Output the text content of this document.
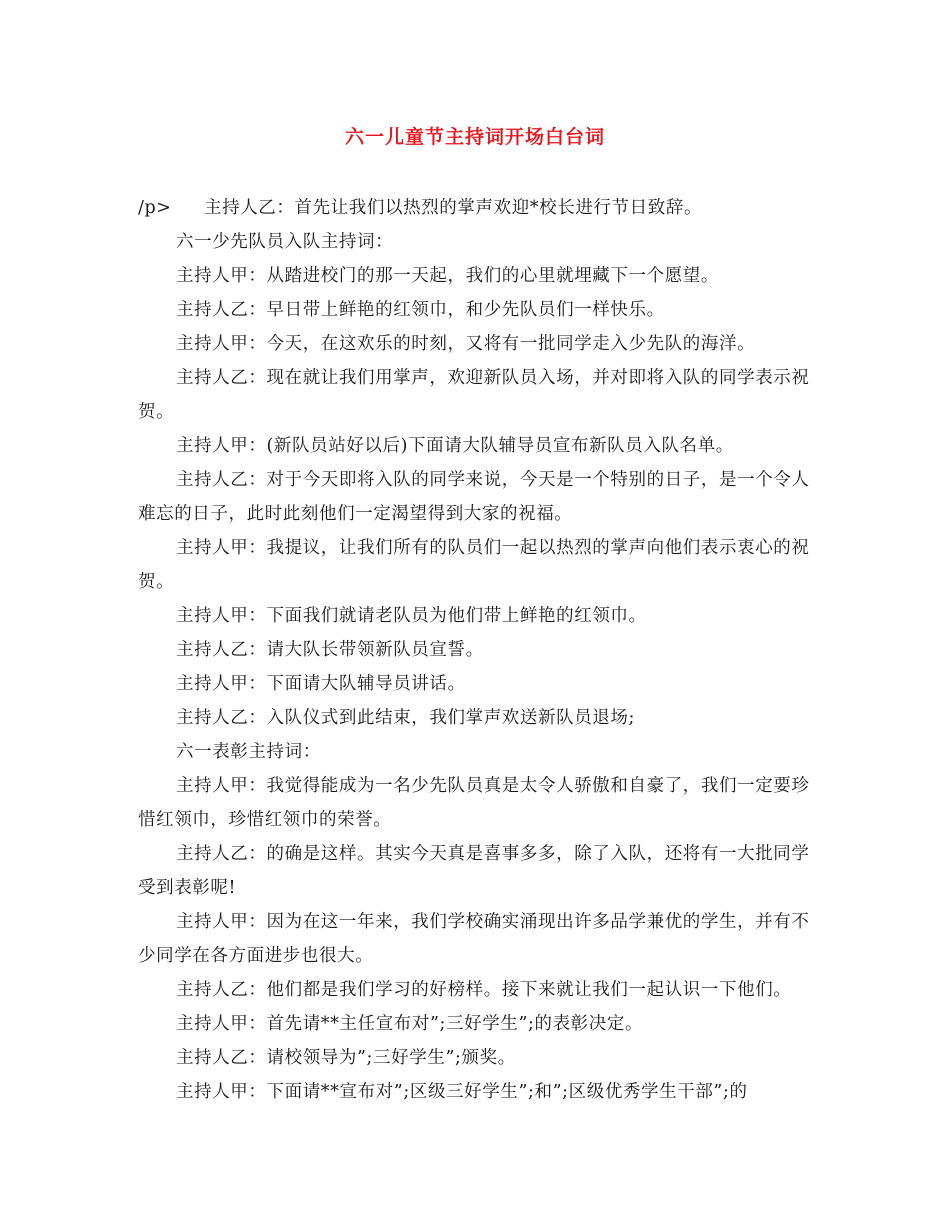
六一儿童节主持词开场白台词

/p> 主持人乙：首先让我们以热烈的掌声欢迎*校长进行节日致辞。

六一少先队员入队主持词：

主持人甲：从踏进校门的那一天起，我们的心里就埋藏下一个愿望。

主持人乙：早日带上鲜艳的红领巾，和少先队员们一样快乐。

主持人甲：今天，在这欢乐的时刻，又将有一批同学走入少先队的海洋。

主持人乙：现在就让我们用掌声，欢迎新队员入场，并对即将入队的同学表示祝贺。

主持人甲：(新队员站好以后)下面请大队辅导员宣布新队员入队名单。

主持人乙：对于今天即将入队的同学来说，今天是一个特别的日子，是一个令人难忘的日子，此时此刻他们一定渴望得到大家的祝福。

主持人甲：我提议，让我们所有的队员们一起以热烈的掌声向他们表示衷心的祝贺。

主持人甲：下面我们就请老队员为他们带上鲜艳的红领巾。

主持人乙：请大队长带领新队员宣誓。

主持人甲：下面请大队辅导员讲话。

主持人乙：入队仪式到此结束，我们掌声欢送新队员退场;

六一表彰主持词：

主持人甲：我觉得能成为一名少先队员真是太令人骄傲和自豪了，我们一定要珍惜红领巾，珍惜红领巾的荣誉。

主持人乙：的确是这样。其实今天真是喜事多多，除了入队，还将有一大批同学受到表彰呢!

主持人甲：因为在这一年来，我们学校确实涌现出许多品学兼优的学生，并有不少同学在各方面进步也很大。

主持人乙：他们都是我们学习的好榜样。接下来就让我们一起认识一下他们。

主持人甲：首先请**主任宣布对”;三好学生”;的表彰决定。

主持人乙：请校领导为”;三好学生”;颁奖。

主持人甲：下面请**宣布对”;区级三好学生”;和”;区级优秀学生干部”;的
